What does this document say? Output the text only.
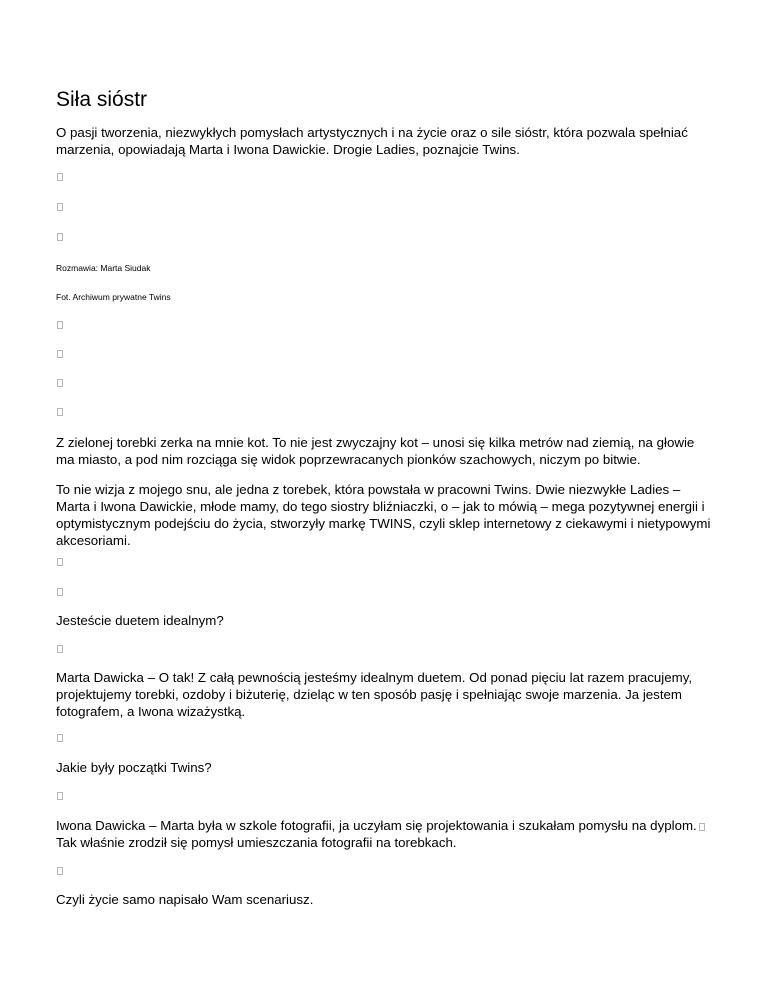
Siła sióstr

O pasji tworzenia, niezwykłych pomysłach artystycznych i na życie oraz o sile sióstr, która pozwala spełniać marzenia, opowiadają Marta i Iwona Dawickie. Drogie Ladies, poznajcie Twins.

Rozmawia: Marta Siudak

Fot. Archiwum prywatne Twins

Z zielonej torebki zerka na mnie kot. To nie jest zwyczajny kot – unosi się kilka metrów nad ziemią, na głowie ma miasto, a pod nim rozciąga się widok poprzewracanych pionków szachowych, niczym po bitwie.

To nie wizja z mojego snu, ale jedna z torebek, która powstała w pracowni Twins. Dwie niezwykłe Ladies – Marta i Iwona Dawickie, młode mamy, do tego siostry bliźniaczki, o – jak to mówią – mega pozytywnej energii i optymistycznym podejściu do życia, stworzyły markę TWINS, czyli sklep internetowy z ciekawymi i nietypowymi akcesoriami.

Jesteście duetem idealnym?

Marta Dawicka – O tak! Z całą pewnością jesteśmy idealnym duetem. Od ponad pięciu lat razem pracujemy, projektujemy torebki, ozdoby i biżuterię, dzieląc w ten sposób pasję i spełniając swoje marzenia. Ja jestem fotografem, a Iwona wizażystką.

Jakie były początki Twins?

Iwona Dawicka – Marta była w szkole fotografii, ja uczyłam się projektowania i szukałam pomysłu na dyplom.
Tak właśnie zrodził się pomysł umieszczania fotografii na torebkach.

Czyli życie samo napisało Wam scenariusz.
